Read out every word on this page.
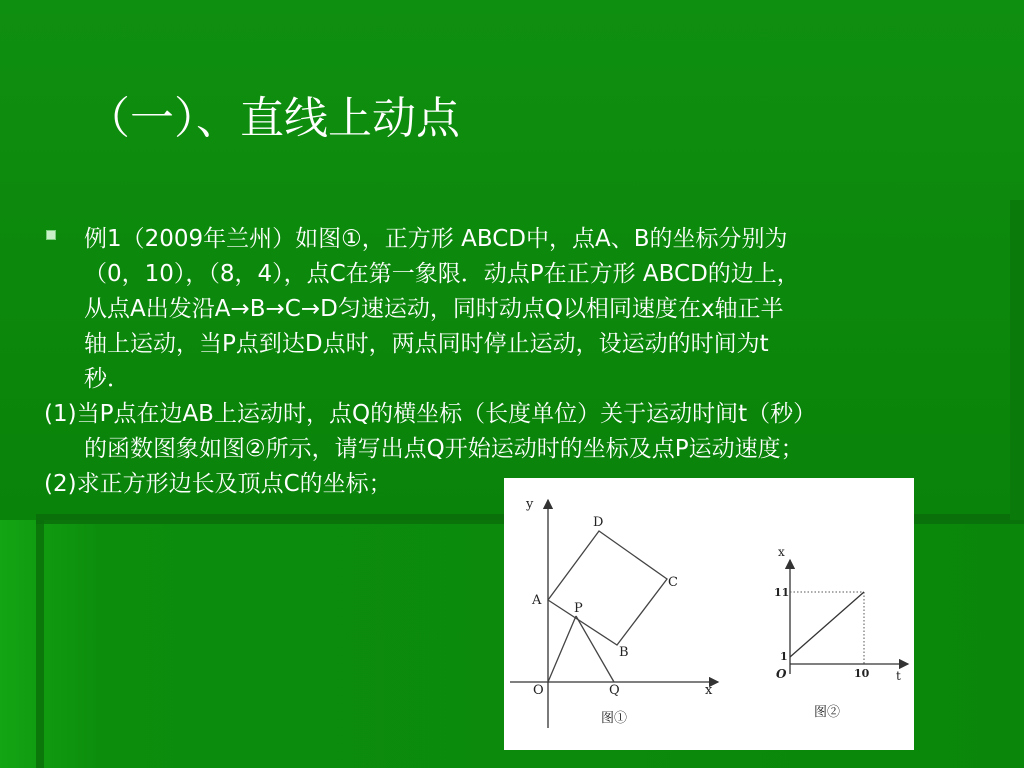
（一）、直线上动点
例1（2009年兰州）如图①，正方形 ABCD中，点A、B的坐标分别为
（0，10），（8，4），点C在第一象限．动点P在正方形 ABCD的边上，
从点A出发沿A→B→C→D匀速运动，同时动点Q以相同速度在x轴正半
轴上运动，当P点到达D点时，两点同时停止运动，设运动的时间为t
秒．
(1)当P点在边AB上运动时，点Q的横坐标（长度单位）关于运动时间t（秒）
的函数图象如图②所示，请写出点Q开始运动时的坐标及点P运动速度；
(2)求正方形边长及顶点C的坐标；
y
x
O
A
B
C
D
P
Q
图①
x
t
O
11
1
10
图②
